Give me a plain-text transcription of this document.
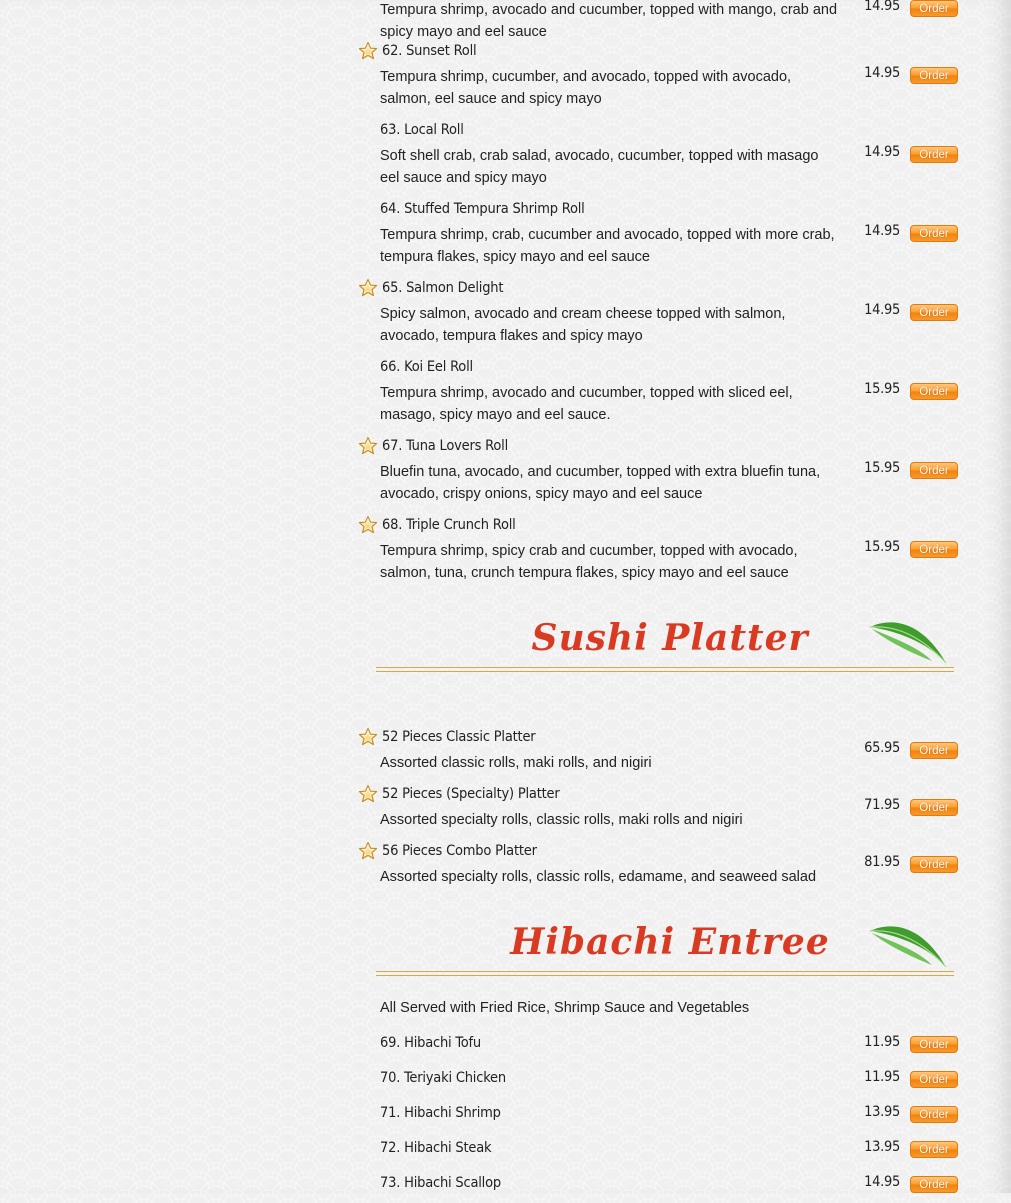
Tempura shrimp, avocado and cucumber, topped with mango, crab and spicy mayo and eel sauce
14.95	Order
62. Sunset Roll
Tempura shrimp, cucumber, and avocado, topped with avocado, salmon, eel sauce and spicy mayo
14.95	Order
63. Local Roll
Soft shell crab, crab salad, avocado, cucumber, topped with masago eel sauce and spicy mayo
14.95	Order
64. Stuffed Tempura Shrimp Roll
Tempura shrimp, crab, cucumber and avocado, topped with more crab, tempura flakes, spicy mayo and eel sauce
14.95	Order
65. Salmon Delight
Spicy salmon, avocado and cream cheese topped with salmon, avocado, tempura flakes and spicy mayo
14.95	Order
66. Koi Eel Roll
Tempura shrimp, avocado and cucumber, topped with sliced eel, masago, spicy mayo and eel sauce.
15.95	Order
67. Tuna Lovers Roll
Bluefin tuna, avocado, and cucumber, topped with extra bluefin tuna, avocado, crispy onions, spicy mayo and eel sauce
15.95	Order
68. Triple Crunch Roll
Tempura shrimp, spicy crab and cucumber, topped with avocado, salmon, tuna, crunch tempura flakes, spicy mayo and eel sauce
15.95	Order
Sushi Platter
52 Pieces Classic Platter
Assorted classic rolls, maki rolls, and nigiri
65.95	Order
52 Pieces (Specialty) Platter
Assorted specialty rolls, classic rolls, maki rolls and nigiri
71.95	Order
56 Pieces Combo Platter
Assorted specialty rolls, classic rolls, edamame, and seaweed salad
81.95	Order
Hibachi Entree
All Served with Fried Rice, Shrimp Sauce and Vegetables
69. Hibachi Tofu	11.95	Order
70. Teriyaki Chicken	11.95	Order
71. Hibachi Shrimp	13.95	Order
72. Hibachi Steak	13.95	Order
73. Hibachi Scallop	14.95	Order
